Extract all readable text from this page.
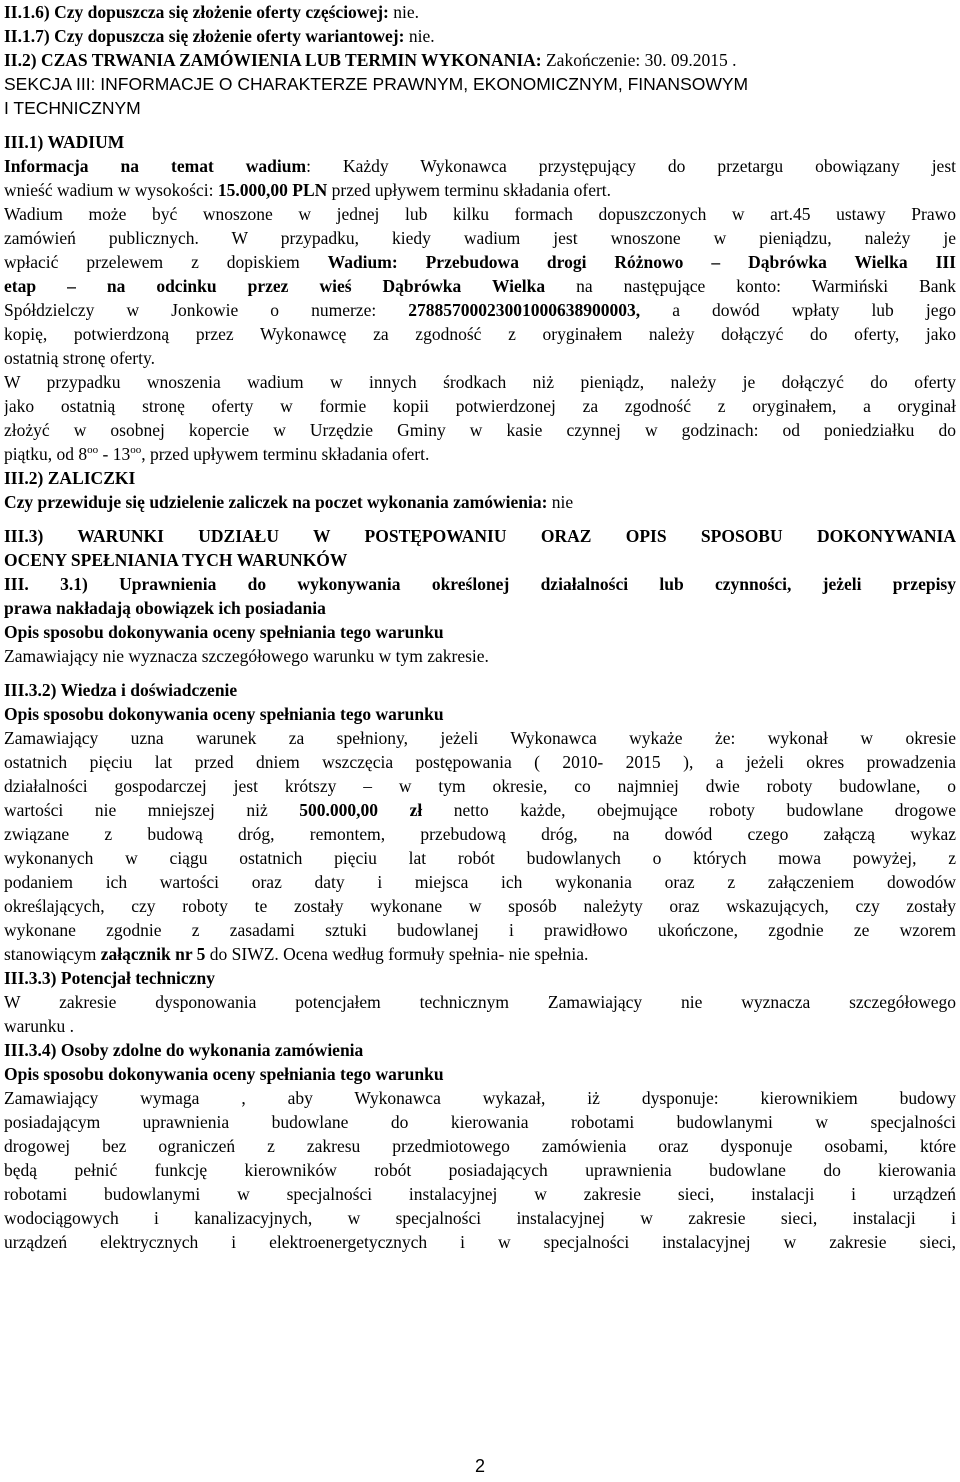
II.1.6) Czy dopuszcza się złożenie oferty częściowej: nie.
II.1.7) Czy dopuszcza się złożenie oferty wariantowej: nie.
II.2) CZAS TRWANIA ZAMÓWIENIA LUB TERMIN WYKONANIA: Zakończenie: 30. 09.2015 .
SEKCJA III: INFORMACJE O CHARAKTERZE PRAWNYM, EKONOMICZNYM, FINANSOWYM
I TECHNICZNYM
III.1) WADIUM
Informacja na temat wadium: Każdy Wykonawca przystępujący do przetargu obowiązany jest
wnieść wadium w wysokości: 15.000,00 PLN przed upływem terminu składania ofert.
Wadium może być wnoszone w jednej lub kilku formach dopuszczonych w art.45 ustawy Prawo
zamówień publicznych. W przypadku, kiedy wadium jest wnoszone w pieniądzu, należy je
wpłacić przelewem z dopiskiem Wadium: Przebudowa drogi Różnowo – Dąbrówka Wielka III
etap – na odcinku przez wieś Dąbrówka Wielka na następujące konto: Warmiński Bank
Spółdzielczy w Jonkowie o numerze: 27885700023001000638900003, a dowód wpłaty lub jego
kopię, potwierdzoną przez Wykonawcę za zgodność z oryginałem należy dołączyć do oferty, jako
ostatnią stronę oferty.
W przypadku wnoszenia wadium w innych środkach niż pieniądz, należy je dołączyć do oferty
jako ostatnią stronę oferty w formie kopii potwierdzonej za zgodność z oryginałem, a oryginał
złożyć w osobnej kopercie w Urzędzie Gminy w kasie czynnej w godzinach: od poniedziałku do
piątku, od $8^{oo} - 13^{oo}$, przed upływem terminu składania ofert.
III.2) ZALICZKI
Czy przewiduje się udzielenie zaliczek na poczet wykonania zamówienia: nie
III.3) WARUNKI UDZIAŁU W POSTĘPOWANIU ORAZ OPIS SPOSOBU DOKONYWANIA
OCENY SPEŁNIANIA TYCH WARUNKÓW
III. 3.1) Uprawnienia do wykonywania określonej działalności lub czynności, jeżeli przepisy
prawa nakładają obowiązek ich posiadania
Opis sposobu dokonywania oceny spełniania tego warunku
Zamawiający nie wyznacza szczegółowego warunku w tym zakresie.
III.3.2) Wiedza i doświadczenie
Opis sposobu dokonywania oceny spełniania tego warunku
Zamawiający uzna warunek za spełniony, jeżeli Wykonawca wykaże że: wykonał w okresie
ostatnich pięciu lat przed dniem wszczęcia postępowania ( 2010- 2015 ), a jeżeli okres prowadzenia
działalności gospodarczej jest krótszy – w tym okresie, co najmniej dwie roboty budowlane, o
wartości nie mniejszej niż 500.000,00 zł netto każde, obejmujące roboty budowlane drogowe
związane z budową dróg, remontem, przebudową dróg, na dowód czego załączą wykaz
wykonanych w ciągu ostatnich pięciu lat robót budowlanych o których mowa powyżej, z
podaniem ich wartości oraz daty i miejsca ich wykonania oraz z załączeniem dowodów
określających, czy roboty te zostały wykonane w sposób należyty oraz wskazujących, czy zostały
wykonane zgodnie z zasadami sztuki budowlanej i prawidłowo ukończone, zgodnie ze wzorem
stanowiącym załącznik nr 5 do SIWZ. Ocena według formuły spełnia- nie spełnia.
III.3.3) Potencjał techniczny
W zakresie dysponowania potencjałem technicznym Zamawiający nie wyznacza szczegółowego
warunku .
III.3.4) Osoby zdolne do wykonania zamówienia
Opis sposobu dokonywania oceny spełniania tego warunku
Zamawiający wymaga , aby Wykonawca wykazał, iż dysponuje: kierownikiem budowy
posiadającym uprawnienia budowlane do kierowania robotami budowlanymi w specjalności
drogowej bez ograniczeń z zakresu przedmiotowego zamówienia oraz dysponuje osobami, które
będą pełnić funkcję kierowników robót posiadających uprawnienia budowlane do kierowania
robotami budowlanymi w specjalności instalacyjnej w zakresie sieci, instalacji i urządzeń
wodociągowych i kanalizacyjnych, w specjalności instalacyjnej w zakresie sieci, instalacji i
urządzeń elektrycznych i elektroenergetycznych i w specjalności instalacyjnej w zakresie sieci,
2
